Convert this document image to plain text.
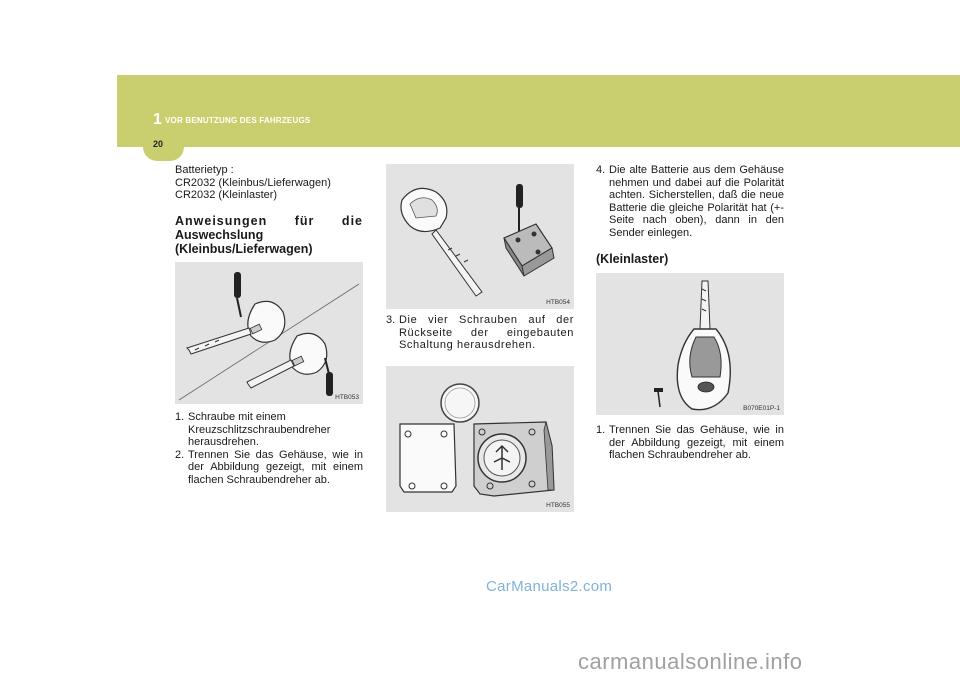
1 VOR BENUTZUNG DES FAHRZEUGS
20

Batterietyp :

CR2032 (Kleinbus/Lieferwagen)

CR2032 (Kleinlaster)

Anweisungen für die
Auswechslung
(Kleinbus/Lieferwagen)
HTB053
1. Schraube mit einem Kreuzschlitzschraubendreher herausdrehen.
2. Trennen Sie das Gehäuse, wie in der Abbildung gezeigt, mit einem flachen Schraubendreher ab.
HTB054
3. Die vier Schrauben auf der Rückseite der eingebauten Schaltung herausdrehen.
HTB055
4. Die alte Batterie aus dem Gehäuse nehmen und dabei auf die Polarität achten. Sicherstellen, daß die neue Batterie die gleiche Polarität hat (+-Seite nach oben), dann in den Sender einlegen.
(Kleinlaster)
B070E01P-1
1. Trennen Sie das Gehäuse, wie in der Abbildung gezeigt, mit einem flachen Schraubendreher ab.
CarManuals2.com
carmanualsonline.info
